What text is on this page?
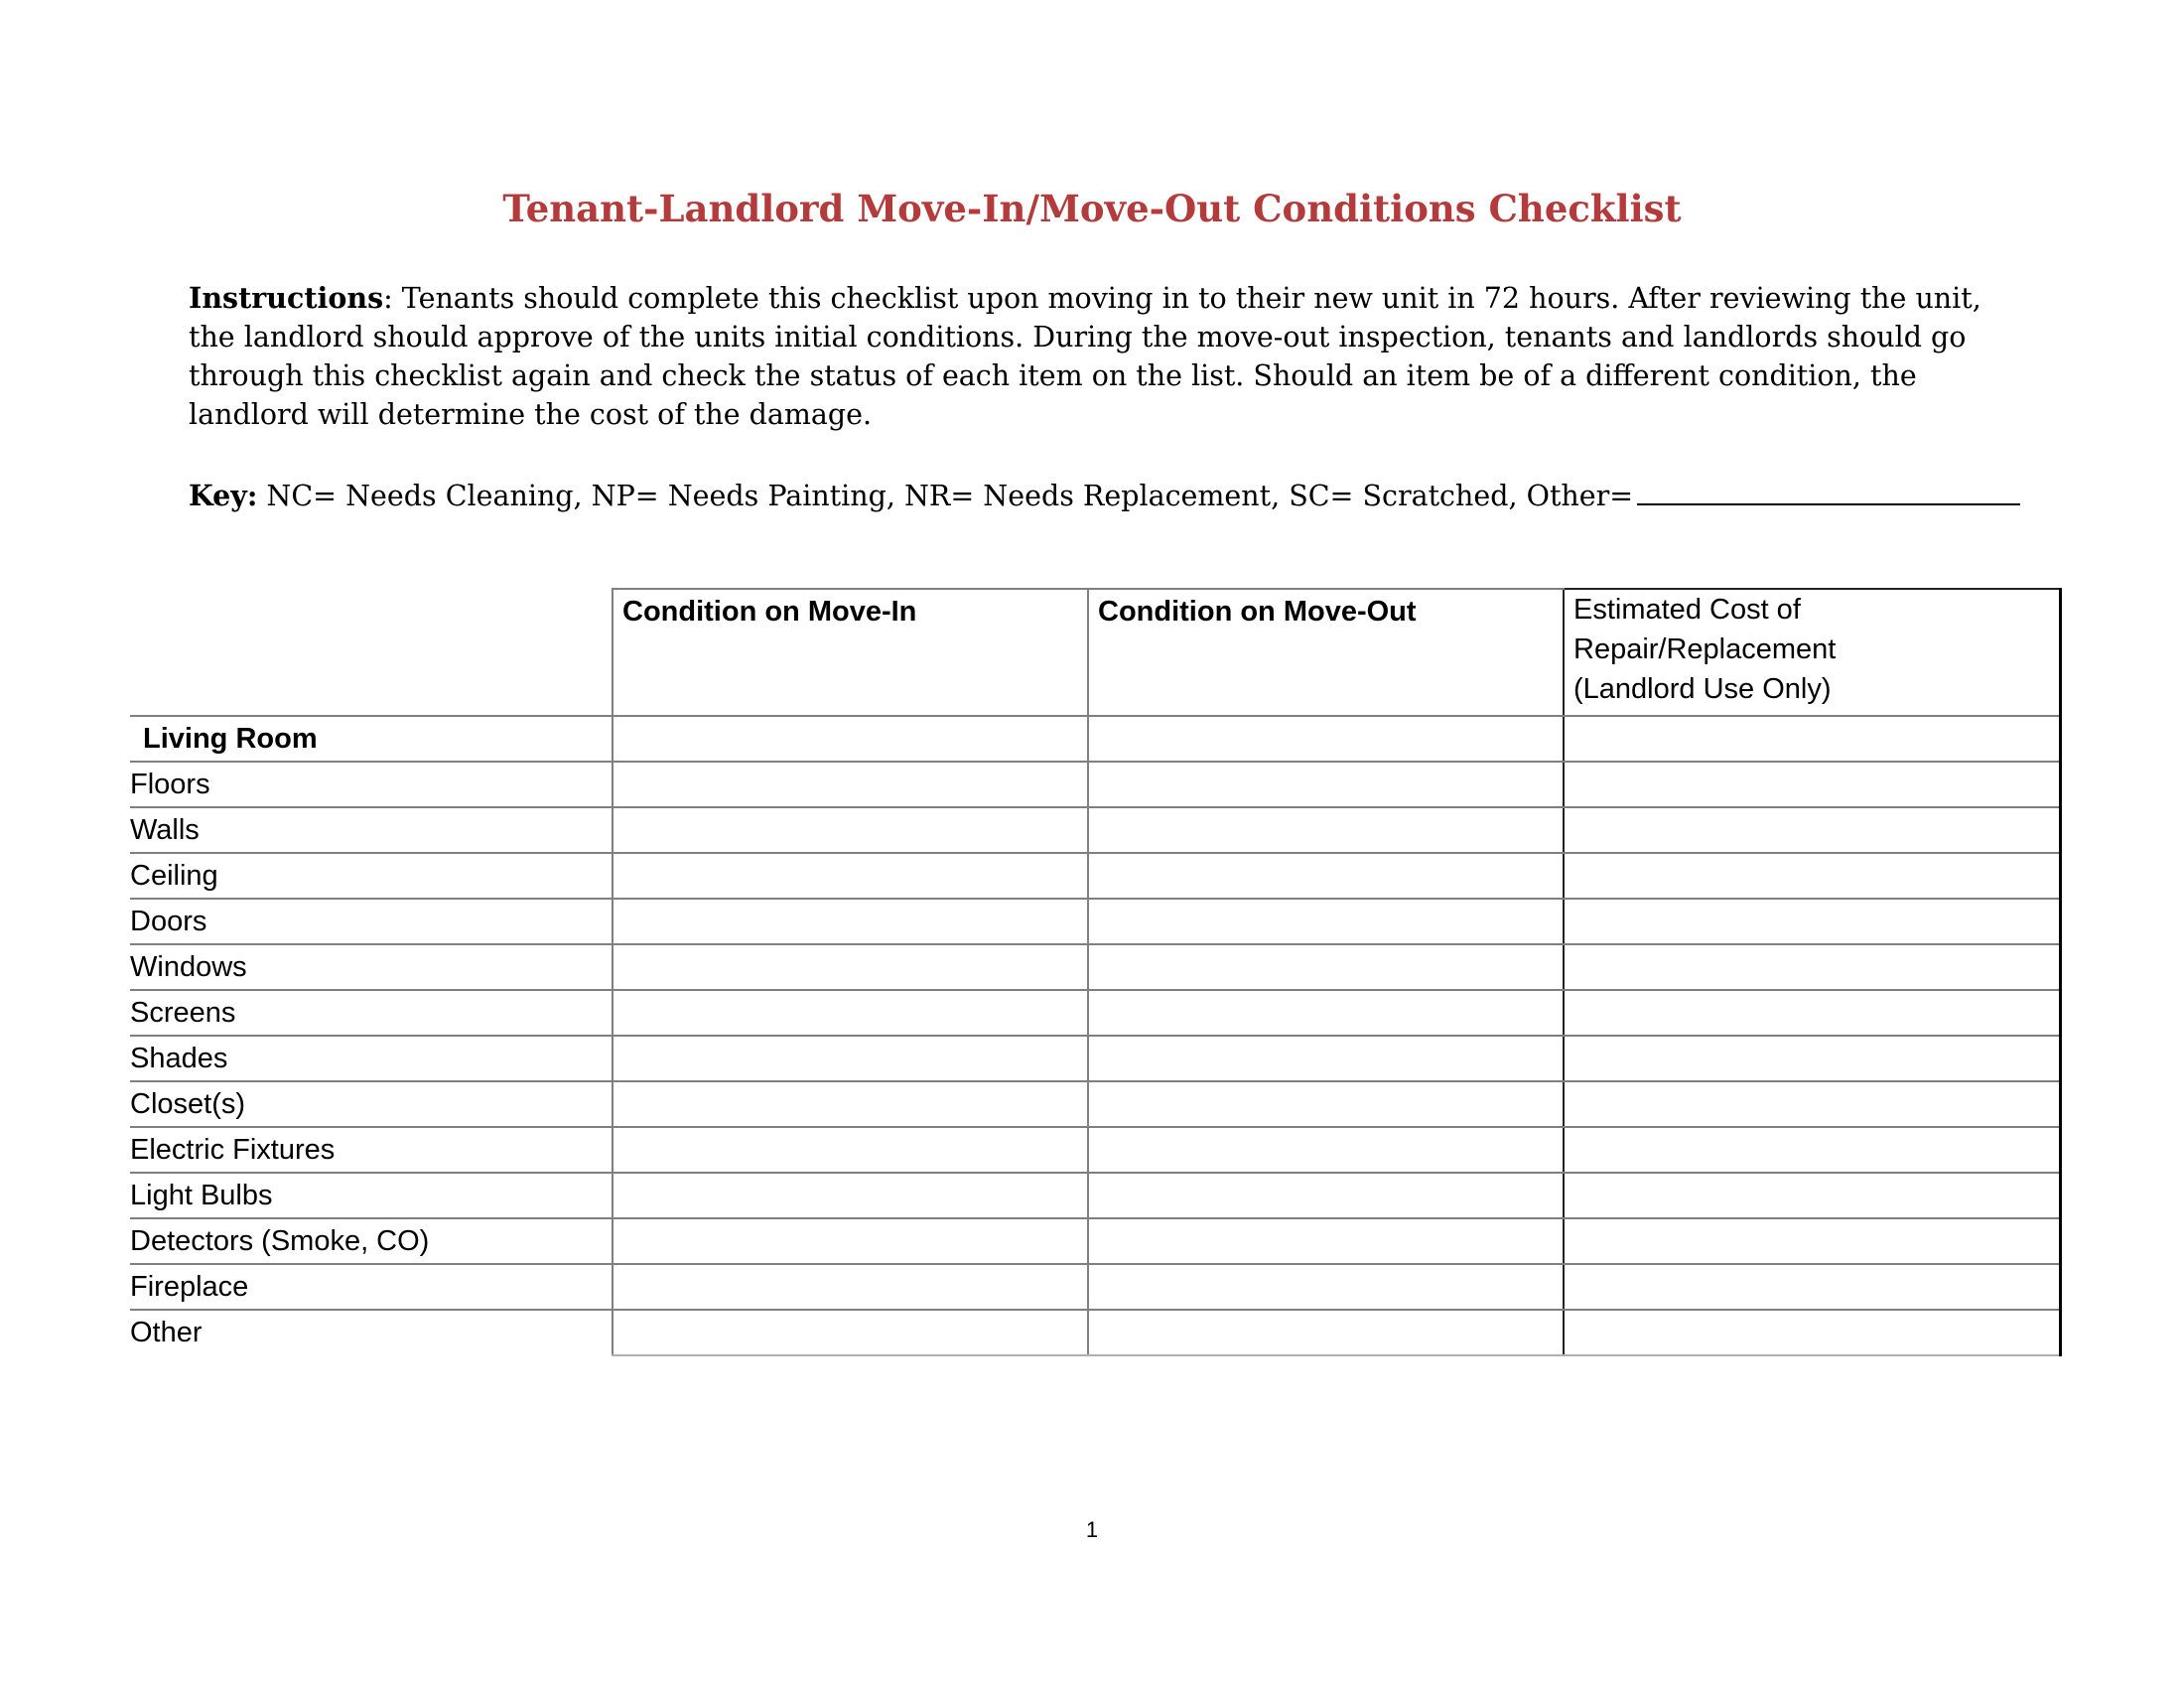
Tenant-Landlord Move-In/Move-Out Conditions Checklist

Instructions: Tenants should complete this checklist upon moving in to their new unit in 72 hours. After reviewing the unit, the landlord should approve of the units initial conditions. During the move-out inspection, tenants and landlords should go through this checklist again and check the status of each item on the list. Should an item be of a different condition, the landlord will determine the cost of the damage.

Key: NC= Needs Cleaning, NP= Needs Painting, NR= Needs Replacement, SC= Scratched, Other=

	Condition on Move-In	Condition on Move-Out	Estimated Cost of
Repair/Replacement
(Landlord Use Only)

Living Room			
Floors			
Walls			
Ceiling			
Doors			
Windows			
Screens			
Shades			
Closet(s)			
Electric Fixtures			
Light Bulbs			
Detectors (Smoke, CO)			
Fireplace			
Other			
1
